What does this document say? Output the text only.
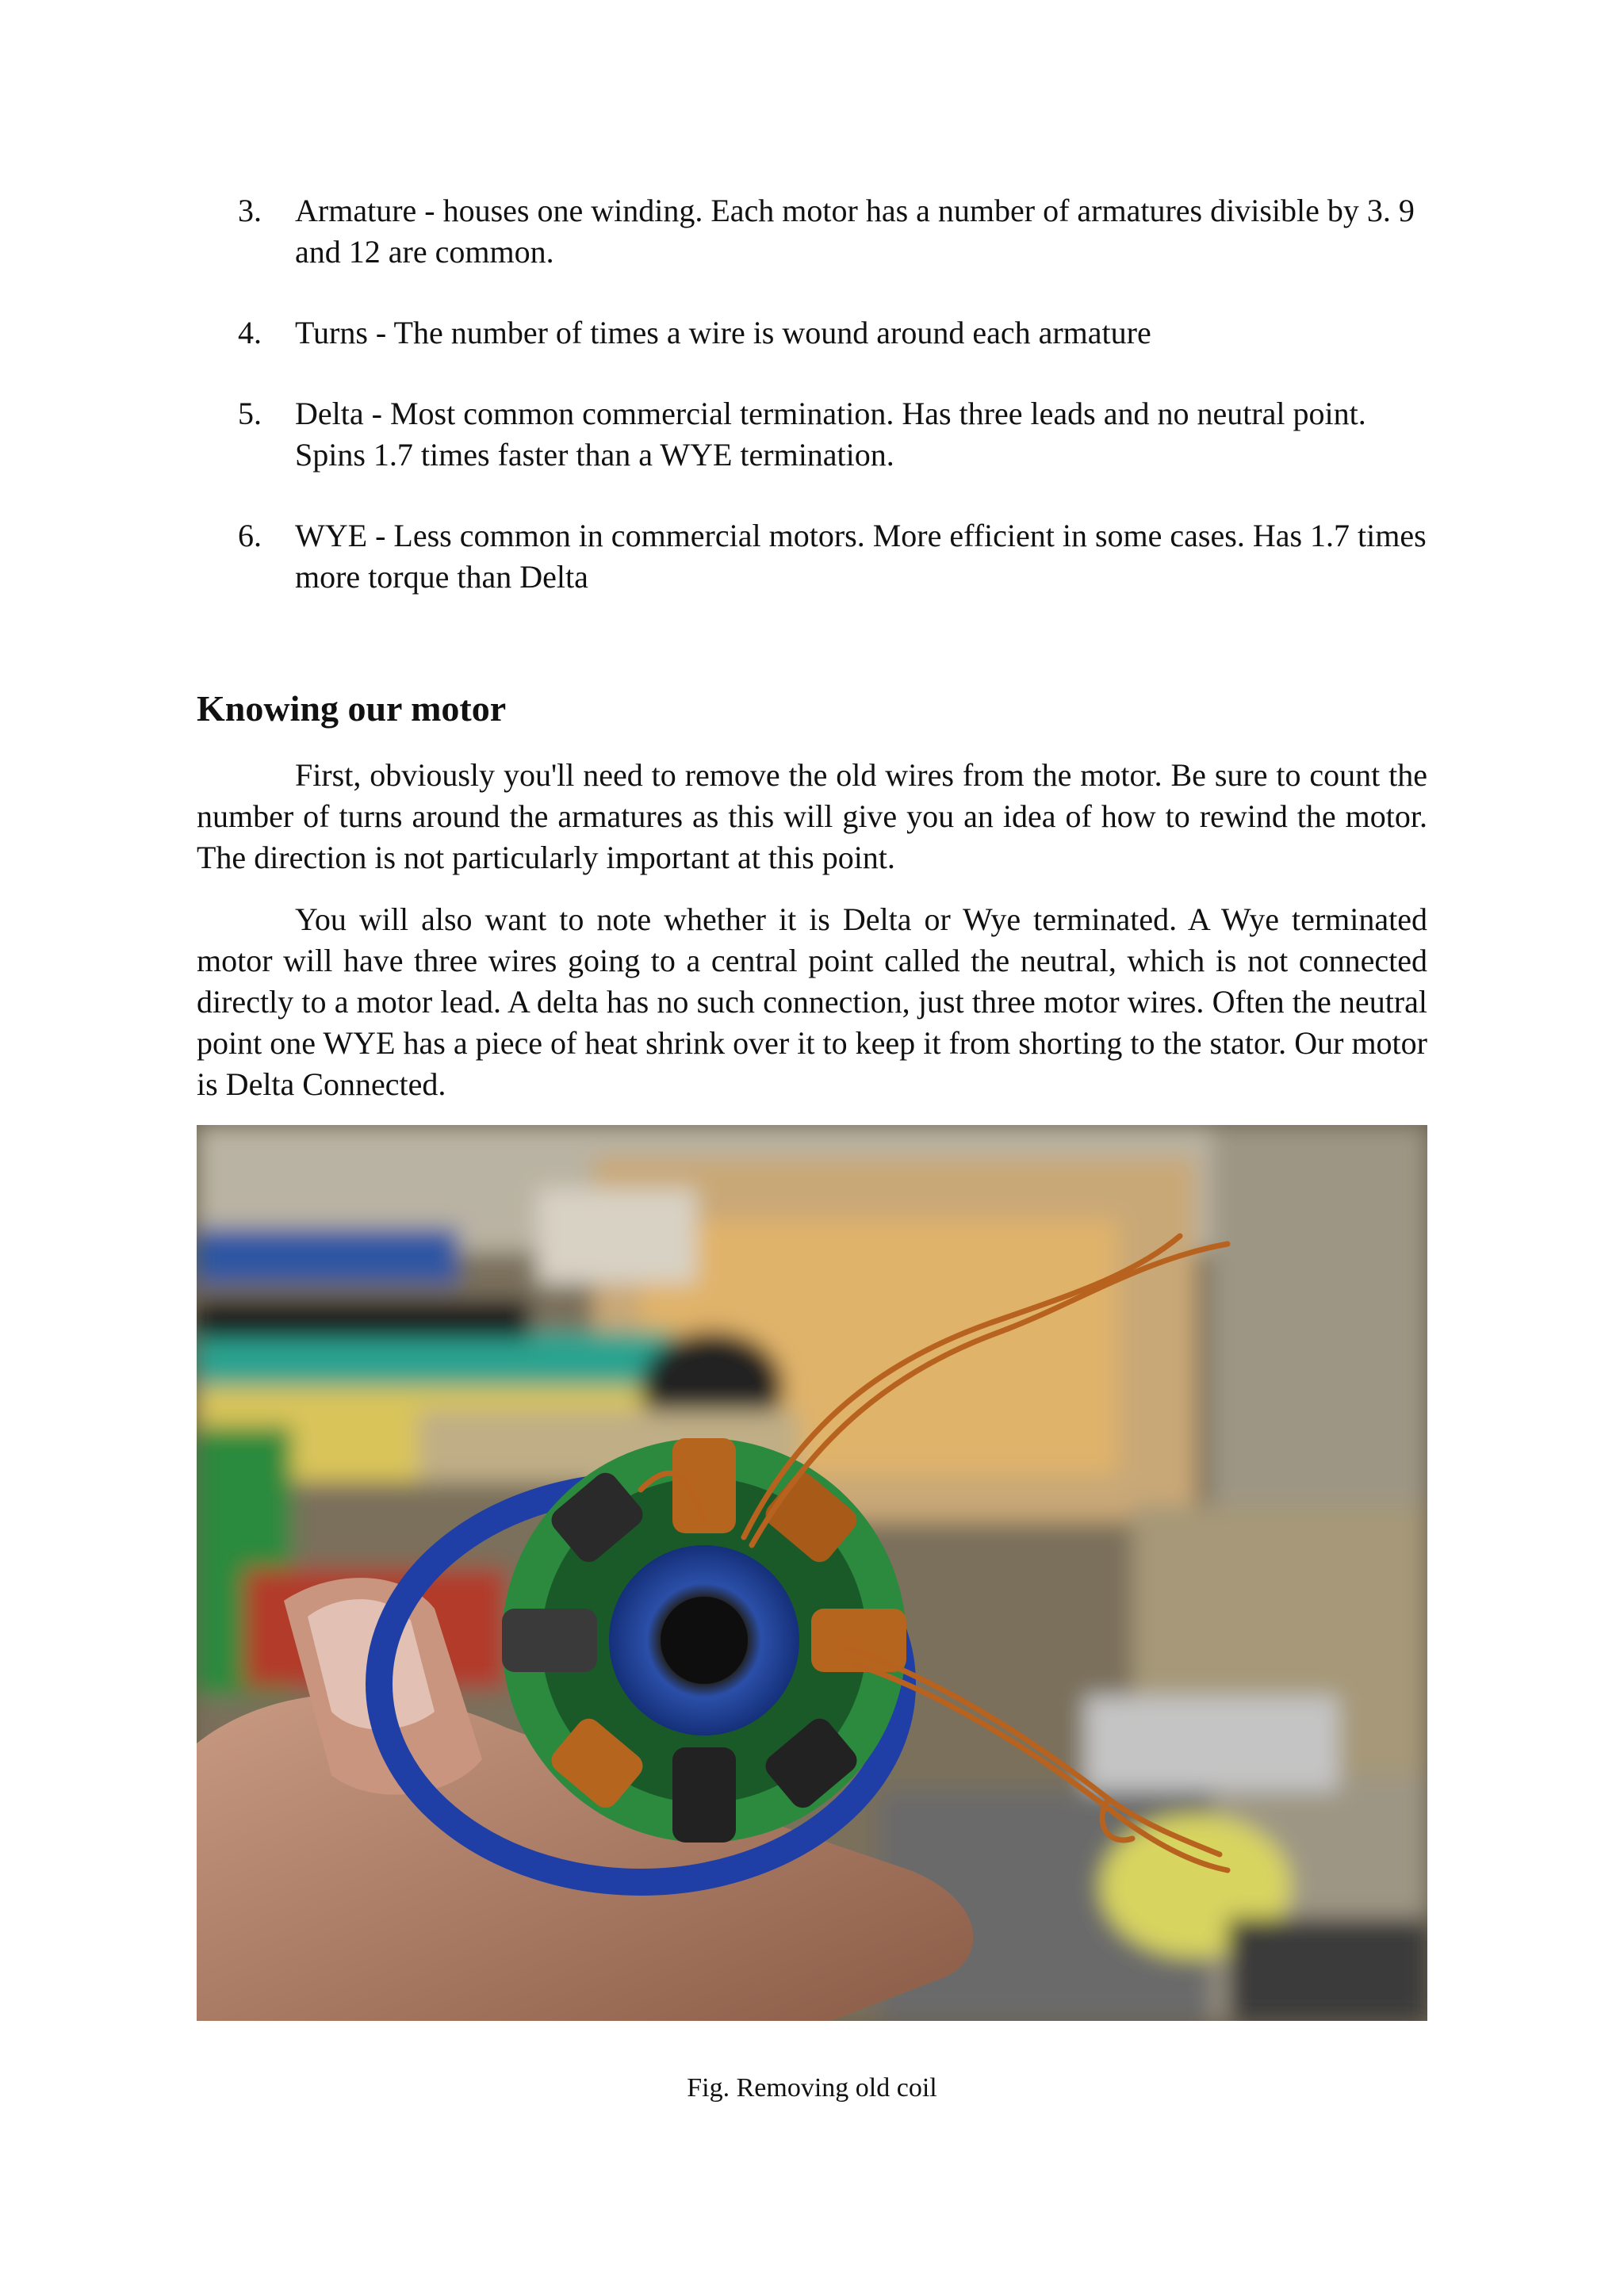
3. Armature - houses one winding. Each motor has a number of armatures divisible by 3. 9 and 12 are common.
4. Turns - The number of times a wire is wound around each armature
5. Delta - Most common commercial termination. Has three leads and no neutral point. Spins 1.7 times faster than a WYE termination.
6. WYE - Less common in commercial motors. More efficient in some cases. Has 1.7 times more torque than Delta
Knowing our motor

First, obviously you'll need to remove the old wires from the motor. Be sure to count the number of turns around the armatures as this will give you an idea of how to rewind the motor. The direction is not particularly important at this point.

You will also want to note whether it is Delta or Wye terminated. A Wye terminated motor will have three wires going to a central point called the neutral, which is not connected directly to a motor lead. A delta has no such connection, just three motor wires. Often the neutral point one WYE has a piece of heat shrink over it to keep it from shorting to the stator. Our motor is Delta Connected.

Fig. Removing old coil
